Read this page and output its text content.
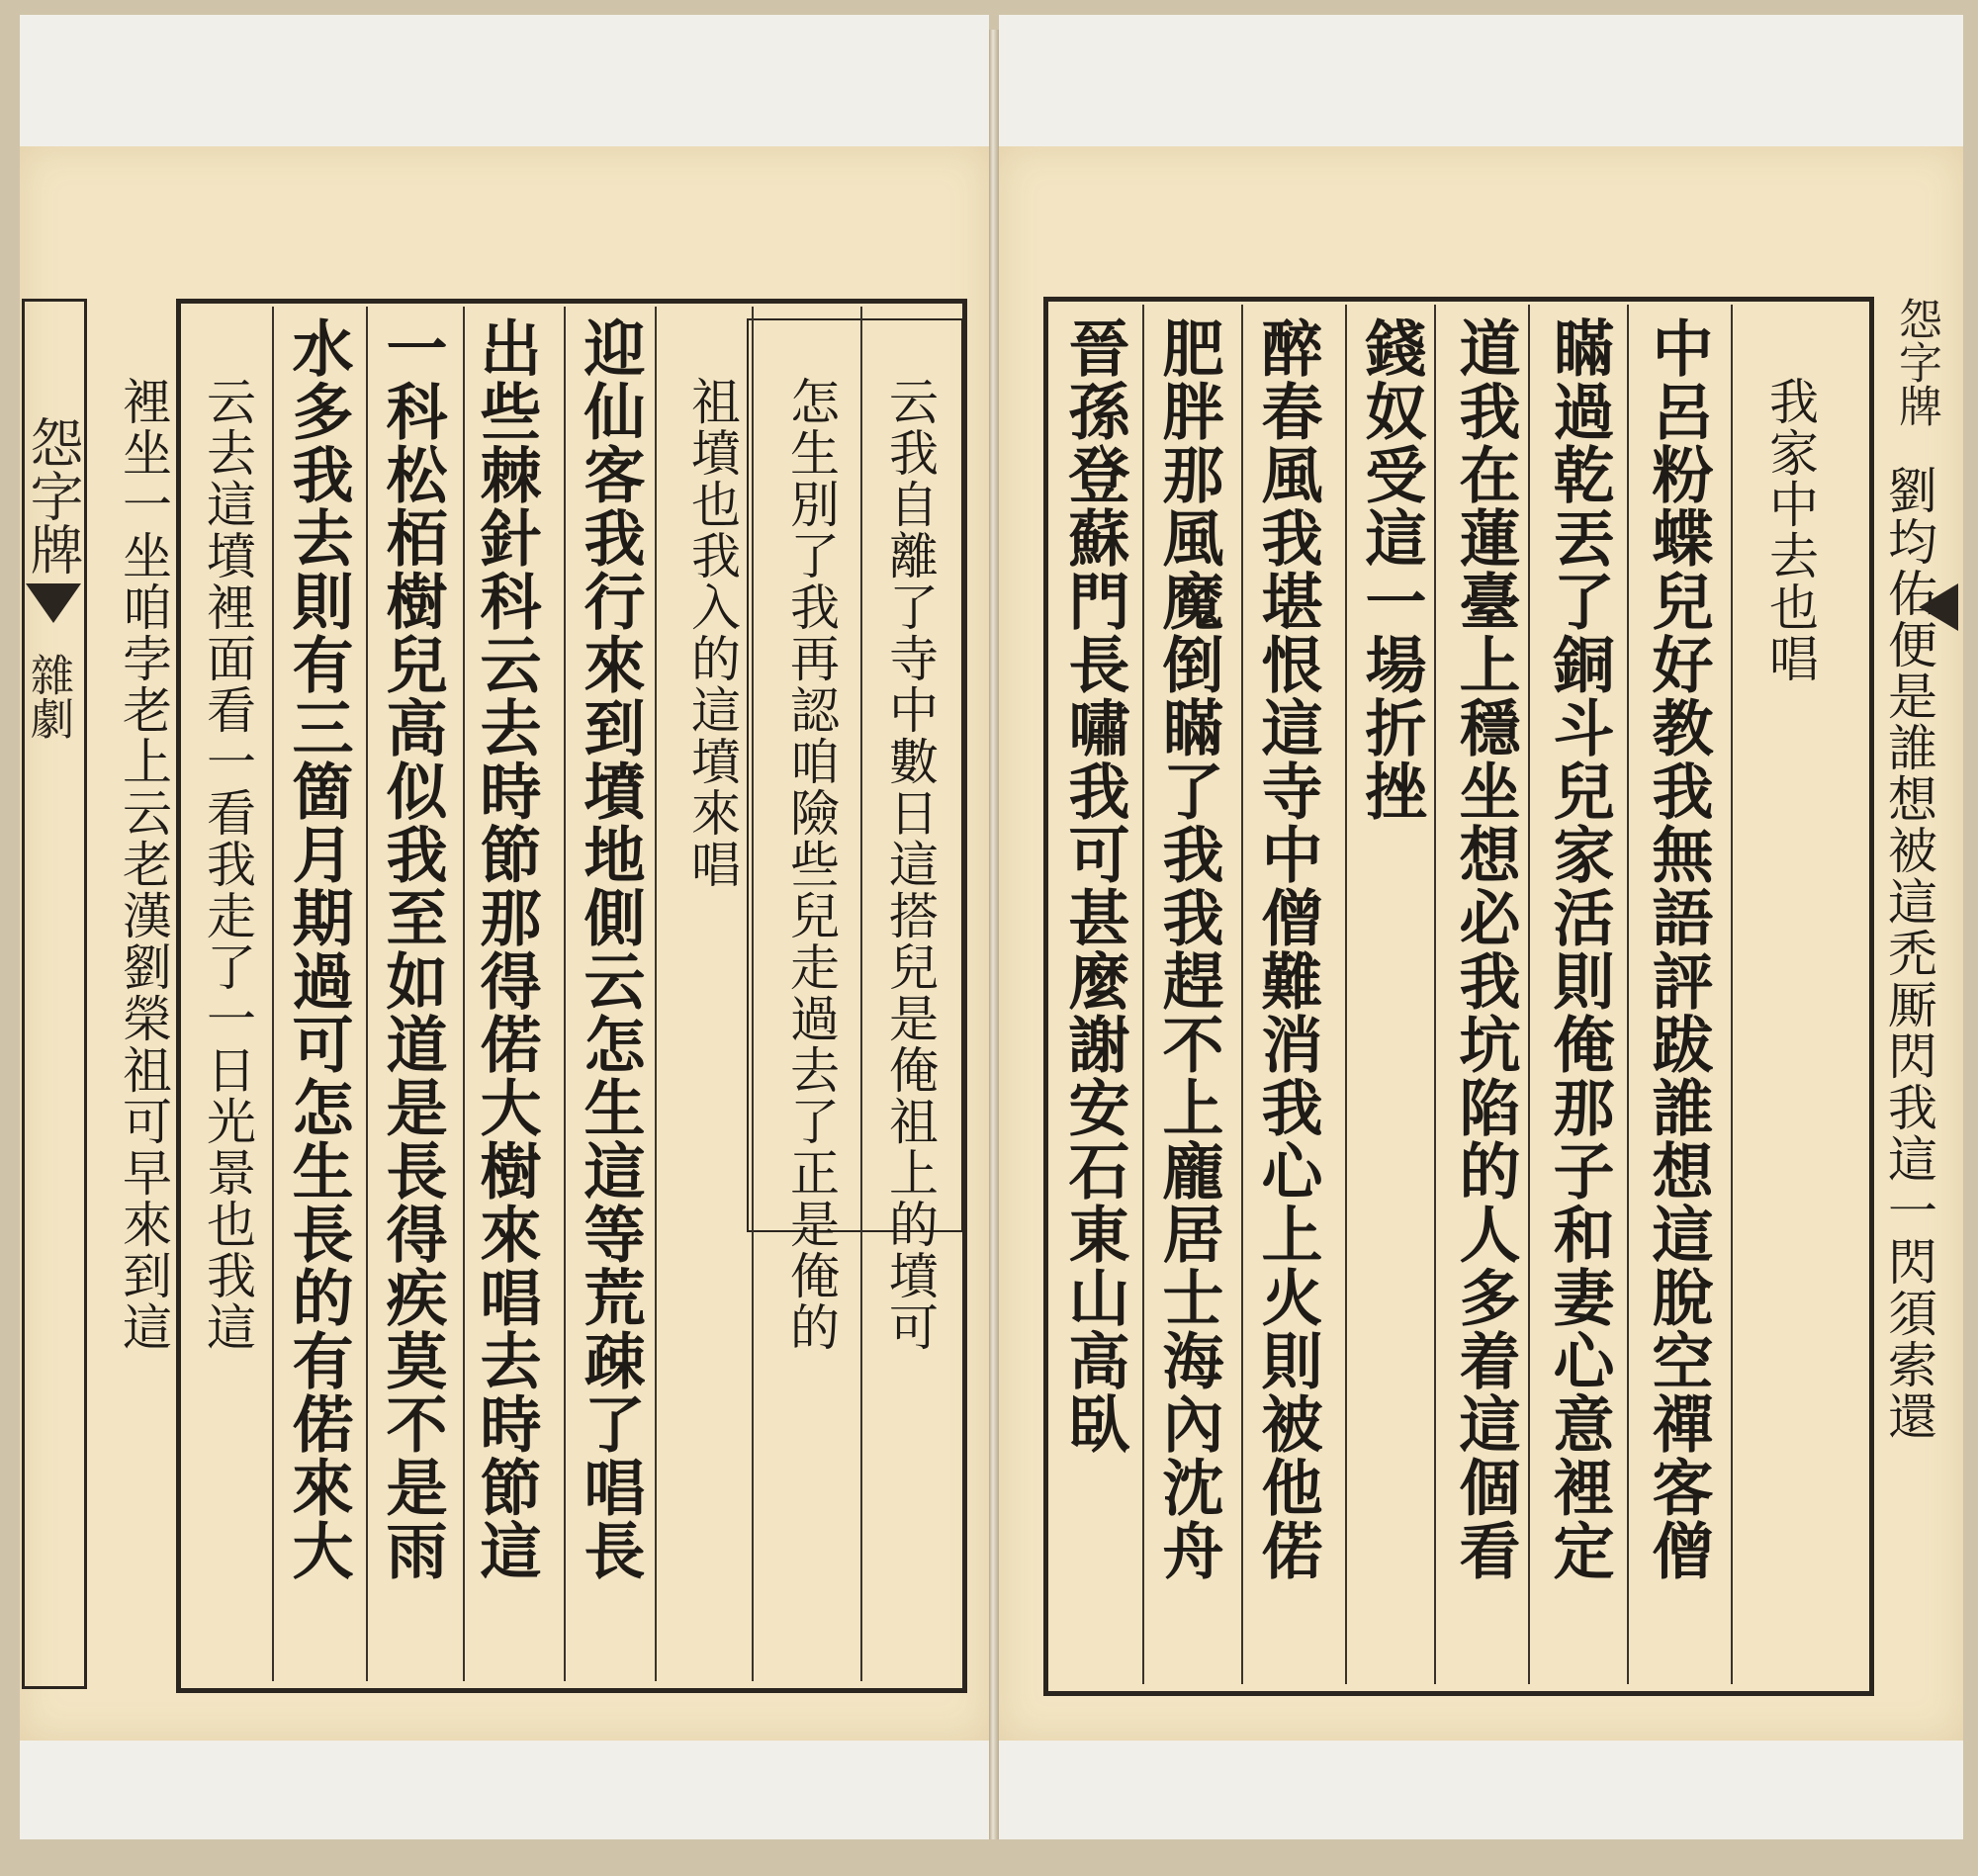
怨字牌
雜劇	云我自離了寺中數日這搭兒是俺祖上的墳可
怎生別了我再認咱險些兒走過去了正是俺的
祖墳也我入的這墳來唱
迎仙客我行來到墳地側云怎生這等荒疎了唱長
出些棘針科云去時節那得偌大樹來唱去時節這
一科松栢樹兒高似我至如道是長得疾莫不是雨
水多我去則有三箇月期過可怎生長的有偌來大
云去這墳裡面看一看我走了一日光景也我這
裡坐一坐咱孛老上云老漢劉榮祖可早來到這	我家中去也唱
中呂粉蝶兒好教我無語評跋誰想這脫空禪客僧
瞞過乾丟了銅斗兒家活則俺那子和妻心意裡定
道我在蓮臺上穩坐想必我坑陷的人多着這個看
錢奴受這一場折挫
醉春風我堪恨這寺中僧難消我心上火則被他偌
肥胖那風魔倒瞞了我我趕不上龐居士海內沈舟
晉孫登蘇門長嘯我可甚麼謝安石東山高臥	劉均佑便是誰想被這禿厮閃我這一閃須索還
怨字牌
